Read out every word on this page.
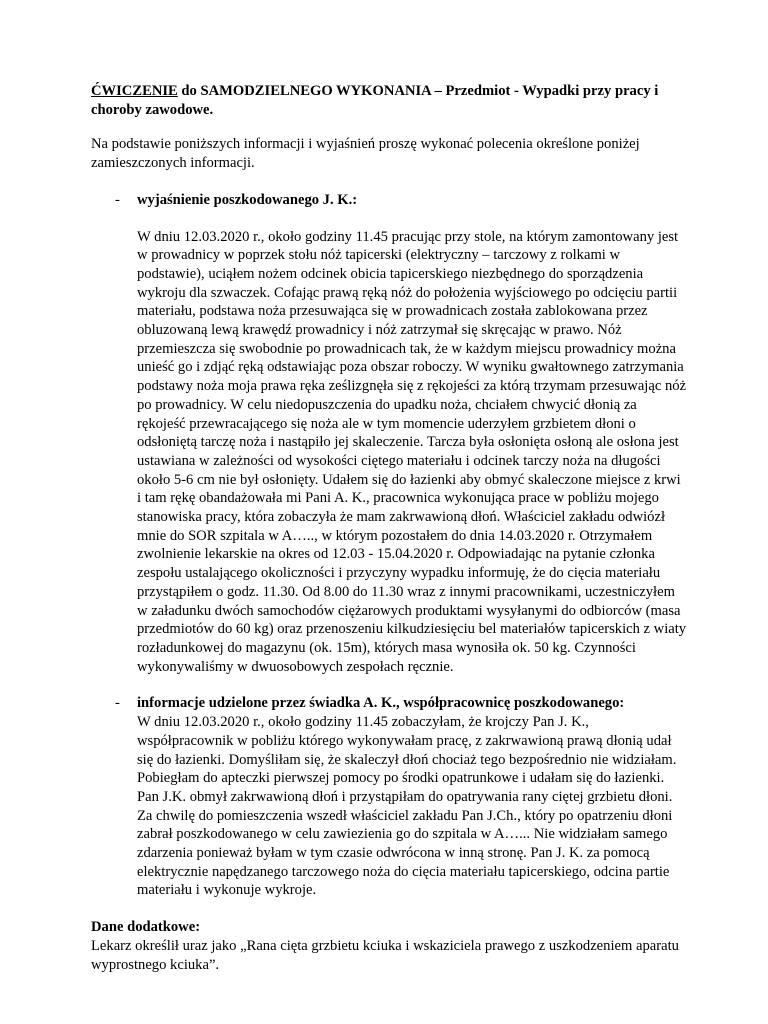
ĆWICZENIE do SAMODZIELNEGO WYKONANIA – Przedmiot - Wypadki przy pracy i choroby zawodowe.

Na podstawie poniższych informacji i wyjaśnień proszę wykonać polecenia określone poniżej zamieszczonych informacji.

- wyjaśnienie poszkodowanego J. K.:

W dniu 12.03.2020 r., około godziny 11.45 pracując przy stole, na którym zamontowany jest w prowadnicy w poprzek stołu nóż tapicerski (elektryczny – tarczowy z rolkami w podstawie), uciąłem nożem odcinek obicia tapicerskiego niezbędnego do sporządzenia wykroju dla szwaczek. Cofając prawą ręką nóż do położenia wyjściowego po odcięciu partii materiału, podstawa noża przesuwająca się w prowadnicach została zablokowana przez obluzowaną lewą krawędź prowadnicy i nóż zatrzymał się skręcając w prawo. Nóż przemieszcza się swobodnie po prowadnicach tak, że w każdym miejscu prowadnicy można unieść go i zdjąć ręką odstawiając poza obszar roboczy. W wyniku gwałtownego zatrzymania podstawy noża moja prawa ręka ześlizgnęła się z rękojeści za którą trzymam przesuwając nóż po prowadnicy. W celu niedopuszczenia do upadku noża, chciałem chwycić dłonią za rękojeść przewracającego się noża ale w tym momencie uderzyłem grzbietem dłoni o odsłoniętą tarczę noża i nastąpiło jej skaleczenie. Tarcza była osłonięta osłoną ale osłona jest ustawiana w zależności od wysokości ciętego materiału i odcinek tarczy noża na długości około 5-6 cm nie był osłonięty. Udałem się do łazienki aby obmyć skaleczone miejsce z krwi i tam rękę obandażowała mi Pani A. K., pracownica wykonująca prace w pobliżu mojego stanowiska pracy, która zobaczyła że mam zakrwawioną dłoń. Właściciel zakładu odwiózł mnie do SOR szpitala w A….., w którym pozostałem do dnia 14.03.2020 r. Otrzymałem zwolnienie lekarskie na okres od 12.03 - 15.04.2020 r. Odpowiadając na pytanie członka zespołu ustalającego okoliczności i przyczyny wypadku informuję, że do cięcia materiału przystąpiłem o godz. 11.30. Od 8.00 do 11.30 wraz z innymi pracownikami, uczestniczyłem w załadunku dwóch samochodów ciężarowych produktami wysyłanymi do odbiorców (masa przedmiotów do 60 kg) oraz przenoszeniu kilkudziesięciu bel materiałów tapicerskich z wiaty rozładunkowej do magazynu (ok. 15m), których masa wynosiła ok. 50 kg. Czynności wykonywaliśmy w dwuosobowych zespołach ręcznie.

- informacje udzielone przez świadka A. K., współpracownicę poszkodowanego:

W dniu 12.03.2020 r., około godziny 11.45 zobaczyłam, że krojczy Pan J. K., współpracownik w pobliżu którego wykonywałam pracę, z zakrwawioną prawą dłonią udał się do łazienki. Domyśliłam się, że skaleczył dłoń chociaż tego bezpośrednio nie widziałam. Pobiegłam do apteczki pierwszej pomocy po środki opatrunkowe i udałam się do łazienki. Pan J.K. obmył zakrwawioną dłoń i przystąpiłam do opatrywania rany ciętej grzbietu dłoni. Za chwilę do pomieszczenia wszedł właściciel zakładu Pan J.Ch., który po opatrzeniu dłoni zabrał poszkodowanego w celu zawiezienia go do szpitala w A…... Nie widziałam samego zdarzenia ponieważ byłam w tym czasie odwrócona w inną stronę. Pan J. K. za pomocą elektrycznie napędzanego tarczowego noża do cięcia materiału tapicerskiego, odcina partie materiału i wykonuje wykroje.

Dane dodatkowe:

Lekarz określił uraz jako „Rana cięta grzbietu kciuka i wskaziciela prawego z uszkodzeniem aparatu wyprostnego kciuka”.
